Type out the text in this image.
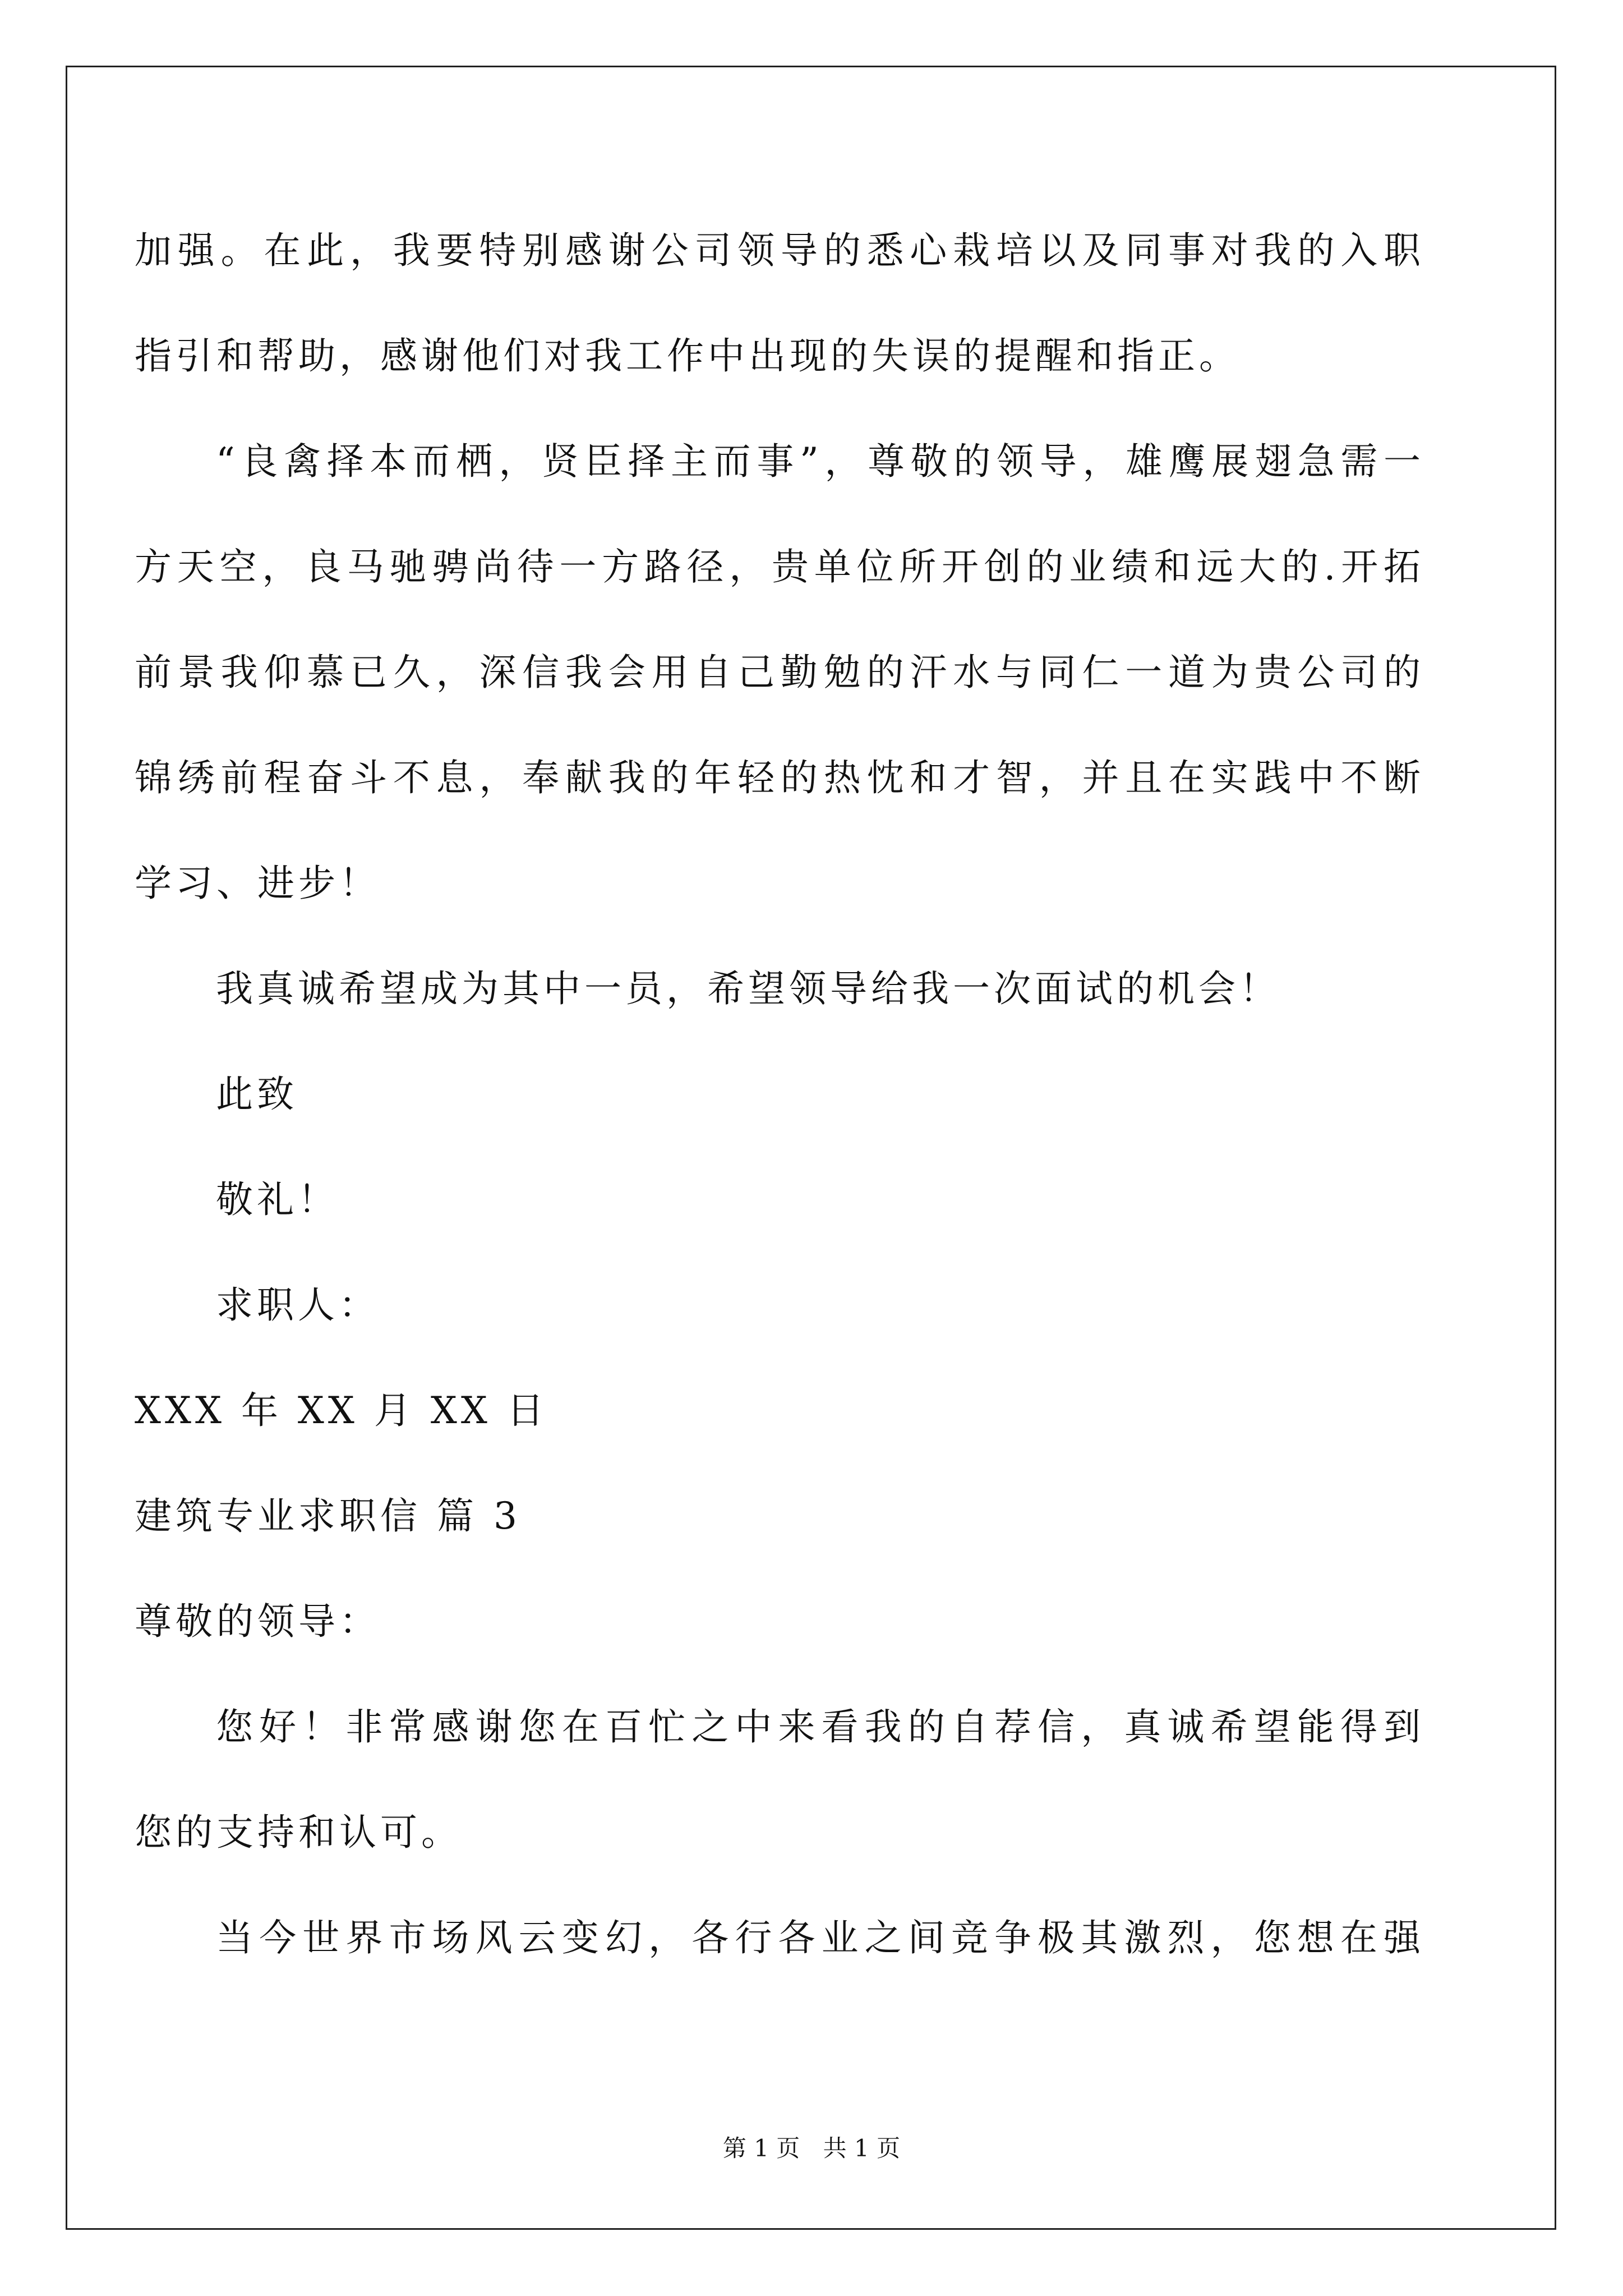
加强。在此，我要特别感谢公司领导的悉心栽培以及同事对我的入职
指引和帮助，感谢他们对我工作中出现的失误的提醒和指正。
“良禽择本而栖，贤臣择主而事”，尊敬的领导，雄鹰展翅急需一
方天空，良马驰骋尚待一方路径，贵单位所开创的业绩和远大的.开拓
前景我仰慕已久，深信我会用自己勤勉的汗水与同仁一道为贵公司的
锦绣前程奋斗不息，奉献我的年轻的热忱和才智，并且在实践中不断
学习、进步！
我真诚希望成为其中一员，希望领导给我一次面试的机会！
此致
敬礼！
求职人：
XXX 年 XX 月 XX 日
建筑专业求职信 篇 3
尊敬的领导：
您好！非常感谢您在百忙之中来看我的自荐信，真诚希望能得到
您的支持和认可。
当今世界市场风云变幻，各行各业之间竞争极其激烈，您想在强
第 1 页 共 1 页
